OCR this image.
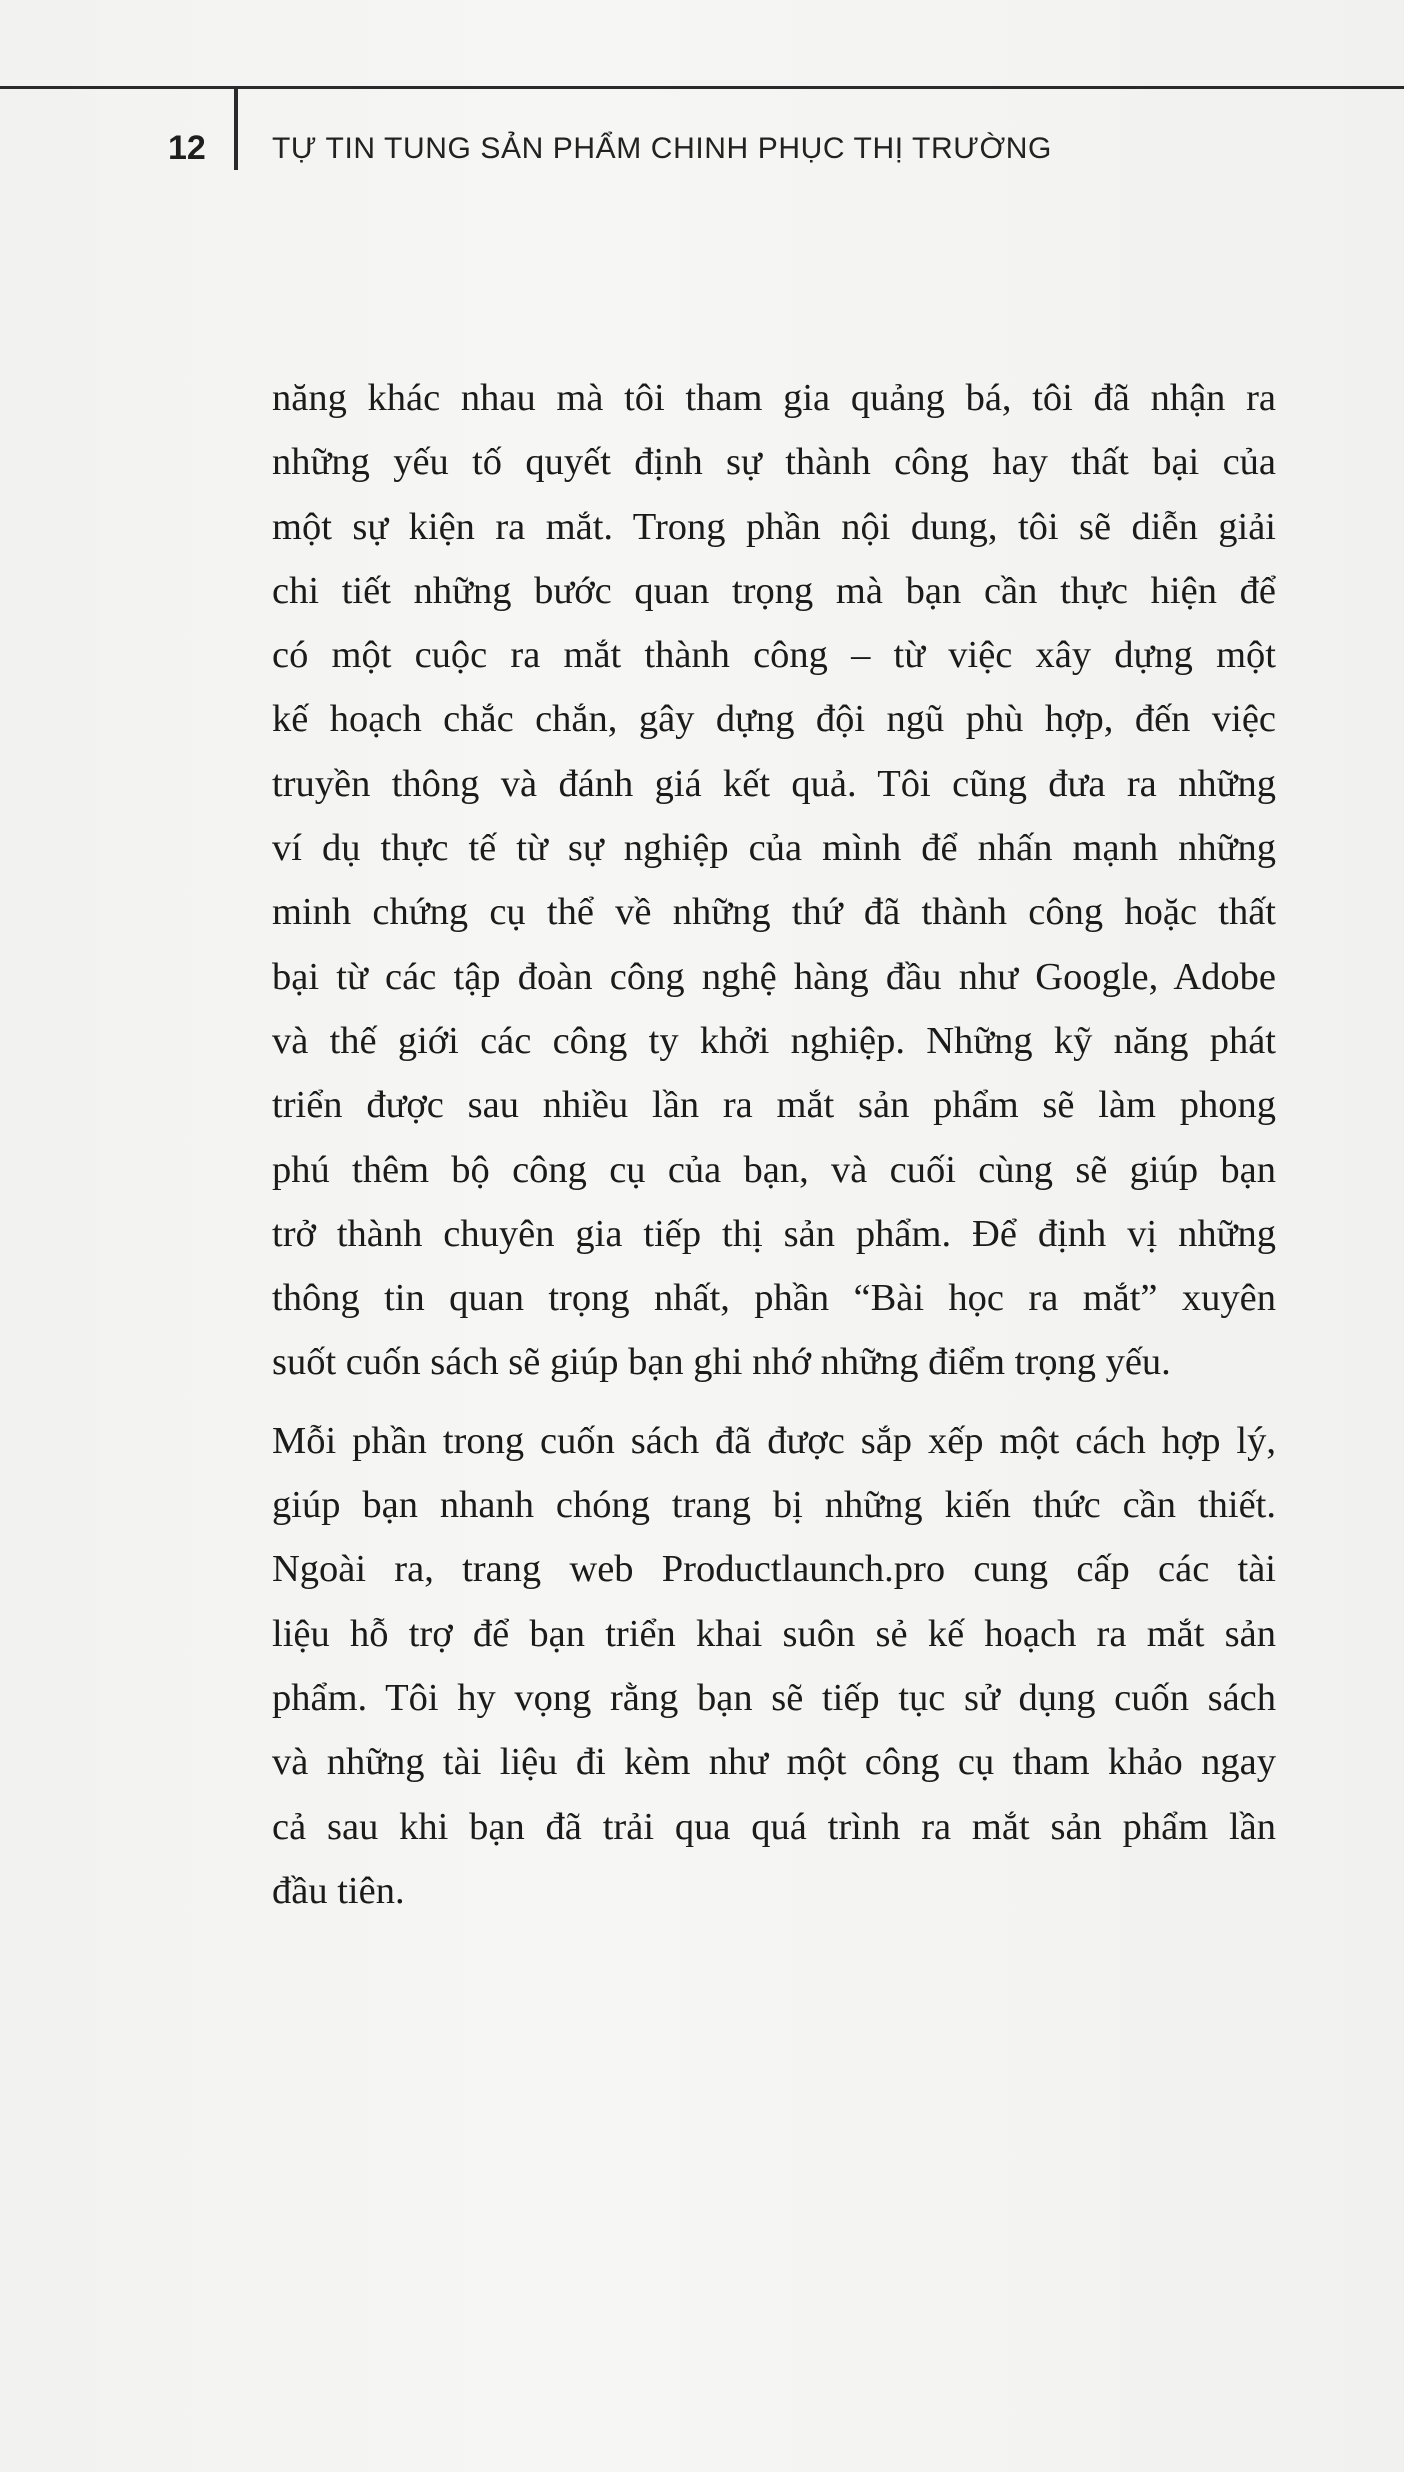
12 TỰ TIN TUNG SẢN PHẨM CHINH PHỤC THỊ TRƯỜNG

năng khác nhau mà tôi tham gia quảng bá, tôi đã nhận ra
những yếu tố quyết định sự thành công hay thất bại của
một sự kiện ra mắt. Trong phần nội dung, tôi sẽ diễn giải
chi tiết những bước quan trọng mà bạn cần thực hiện để
có một cuộc ra mắt thành công – từ việc xây dựng một
kế hoạch chắc chắn, gây dựng đội ngũ phù hợp, đến việc
truyền thông và đánh giá kết quả. Tôi cũng đưa ra những
ví dụ thực tế từ sự nghiệp của mình để nhấn mạnh những
minh chứng cụ thể về những thứ đã thành công hoặc thất
bại từ các tập đoàn công nghệ hàng đầu như Google, Adobe
và thế giới các công ty khởi nghiệp. Những kỹ năng phát
triển được sau nhiều lần ra mắt sản phẩm sẽ làm phong
phú thêm bộ công cụ của bạn, và cuối cùng sẽ giúp bạn
trở thành chuyên gia tiếp thị sản phẩm. Để định vị những
thông tin quan trọng nhất, phần “Bài học ra mắt” xuyên
suốt cuốn sách sẽ giúp bạn ghi nhớ những điểm trọng yếu.

Mỗi phần trong cuốn sách đã được sắp xếp một cách hợp lý,
giúp bạn nhanh chóng trang bị những kiến thức cần thiết.
Ngoài ra, trang web Productlaunch.pro cung cấp các tài
liệu hỗ trợ để bạn triển khai suôn sẻ kế hoạch ra mắt sản
phẩm. Tôi hy vọng rằng bạn sẽ tiếp tục sử dụng cuốn sách
và những tài liệu đi kèm như một công cụ tham khảo ngay
cả sau khi bạn đã trải qua quá trình ra mắt sản phẩm lần
đầu tiên.
